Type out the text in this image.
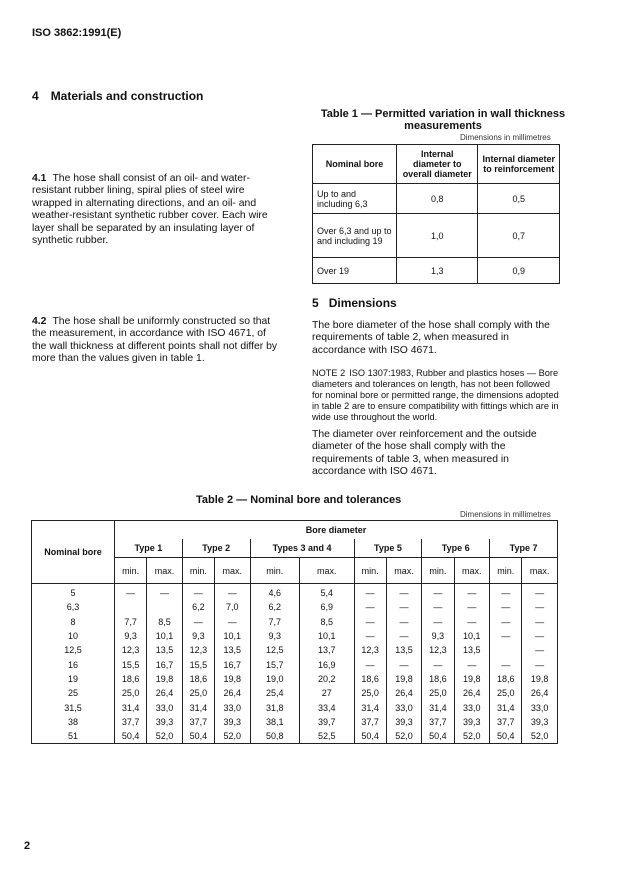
ISO 3862:1991(E)
4 Materials and construction
4.1 The hose shall consist of an oil- and water-resistant rubber lining, spiral plies of steel wire wrapped in alternating directions, and an oil- and weather-resistant synthetic rubber cover. Each wire layer shall be separated by an insulating layer of synthetic rubber.
4.2 The hose shall be uniformly constructed so that the measurement, in accordance with ISO 4671, of the wall thickness at different points shall not differ by more than the values given in table 1.
Table 1 — Permitted variation in wall thickness measurements
Dimensions in millimetres
Nominal bore	Internal diameter to overall diameter	Internal diameter to reinforcement
Up to and including 6,3	0,8	0,5
Over 6,3 and up to and including 19	1,0	0,7
Over 19	1,3	0,9
5 Dimensions
The bore diameter of the hose shall comply with the requirements of table 2, when measured in accordance with ISO 4671.
NOTE 2 ISO 1307:1983, Rubber and plastics hoses — Bore diameters and tolerances on length, has not been followed for nominal bore or permitted range, the dimensions adopted in table 2 are to ensure compatibility with fittings which are in wide use throughout the world.
The diameter over reinforcement and the outside diameter of the hose shall comply with the requirements of table 3, when measured in accordance with ISO 4671.
Table 2 — Nominal bore and tolerances
Dimensions in millimetres
Nominal bore	Bore diameter											
	Type 1		Type 2		Types 3 and 4		Type 5		Type 6		Type 7	
	min.	max.	min.	max.	min.	max.	min.	max.	min.	max.	min.	max.
5	—	—	—	—	4,6	5,4	—	—	—	—	—	—
6,3			6,2	7,0	6,2	6,9	—	—	—	—	—	—
8	7,7	8,5	—	—	7,7	8,5	—	—	—	—	—	—
10	9,3	10,1	9,3	10,1	9,3	10,1	—	—	9,3	10,1	—	—
12,5	12,3	13,5	12,3	13,5	12,5	13,7	12,3	13,5	12,3	13,5		—
16	15,5	16,7	15,5	16,7	15,7	16,9	—	—	—	—	—	—
19	18,6	19,8	18,6	19,8	19,0	20,2	18,6	19,8	18,6	19,8	18,6	19,8
25	25,0	26,4	25,0	26,4	25,4	27	25,0	26,4	25,0	26,4	25,0	26,4
31,5	31,4	33,0	31,4	33,0	31,8	33,4	31,4	33,0	31,4	33,0	31,4	33,0
38	37,7	39,3	37,7	39,3	38,1	39,7	37,7	39,3	37,7	39,3	37,7	39,3
51	50,4	52,0	50,4	52,0	50,8	52,5	50,4	52,0	50,4	52,0	50,4	52,0
2
